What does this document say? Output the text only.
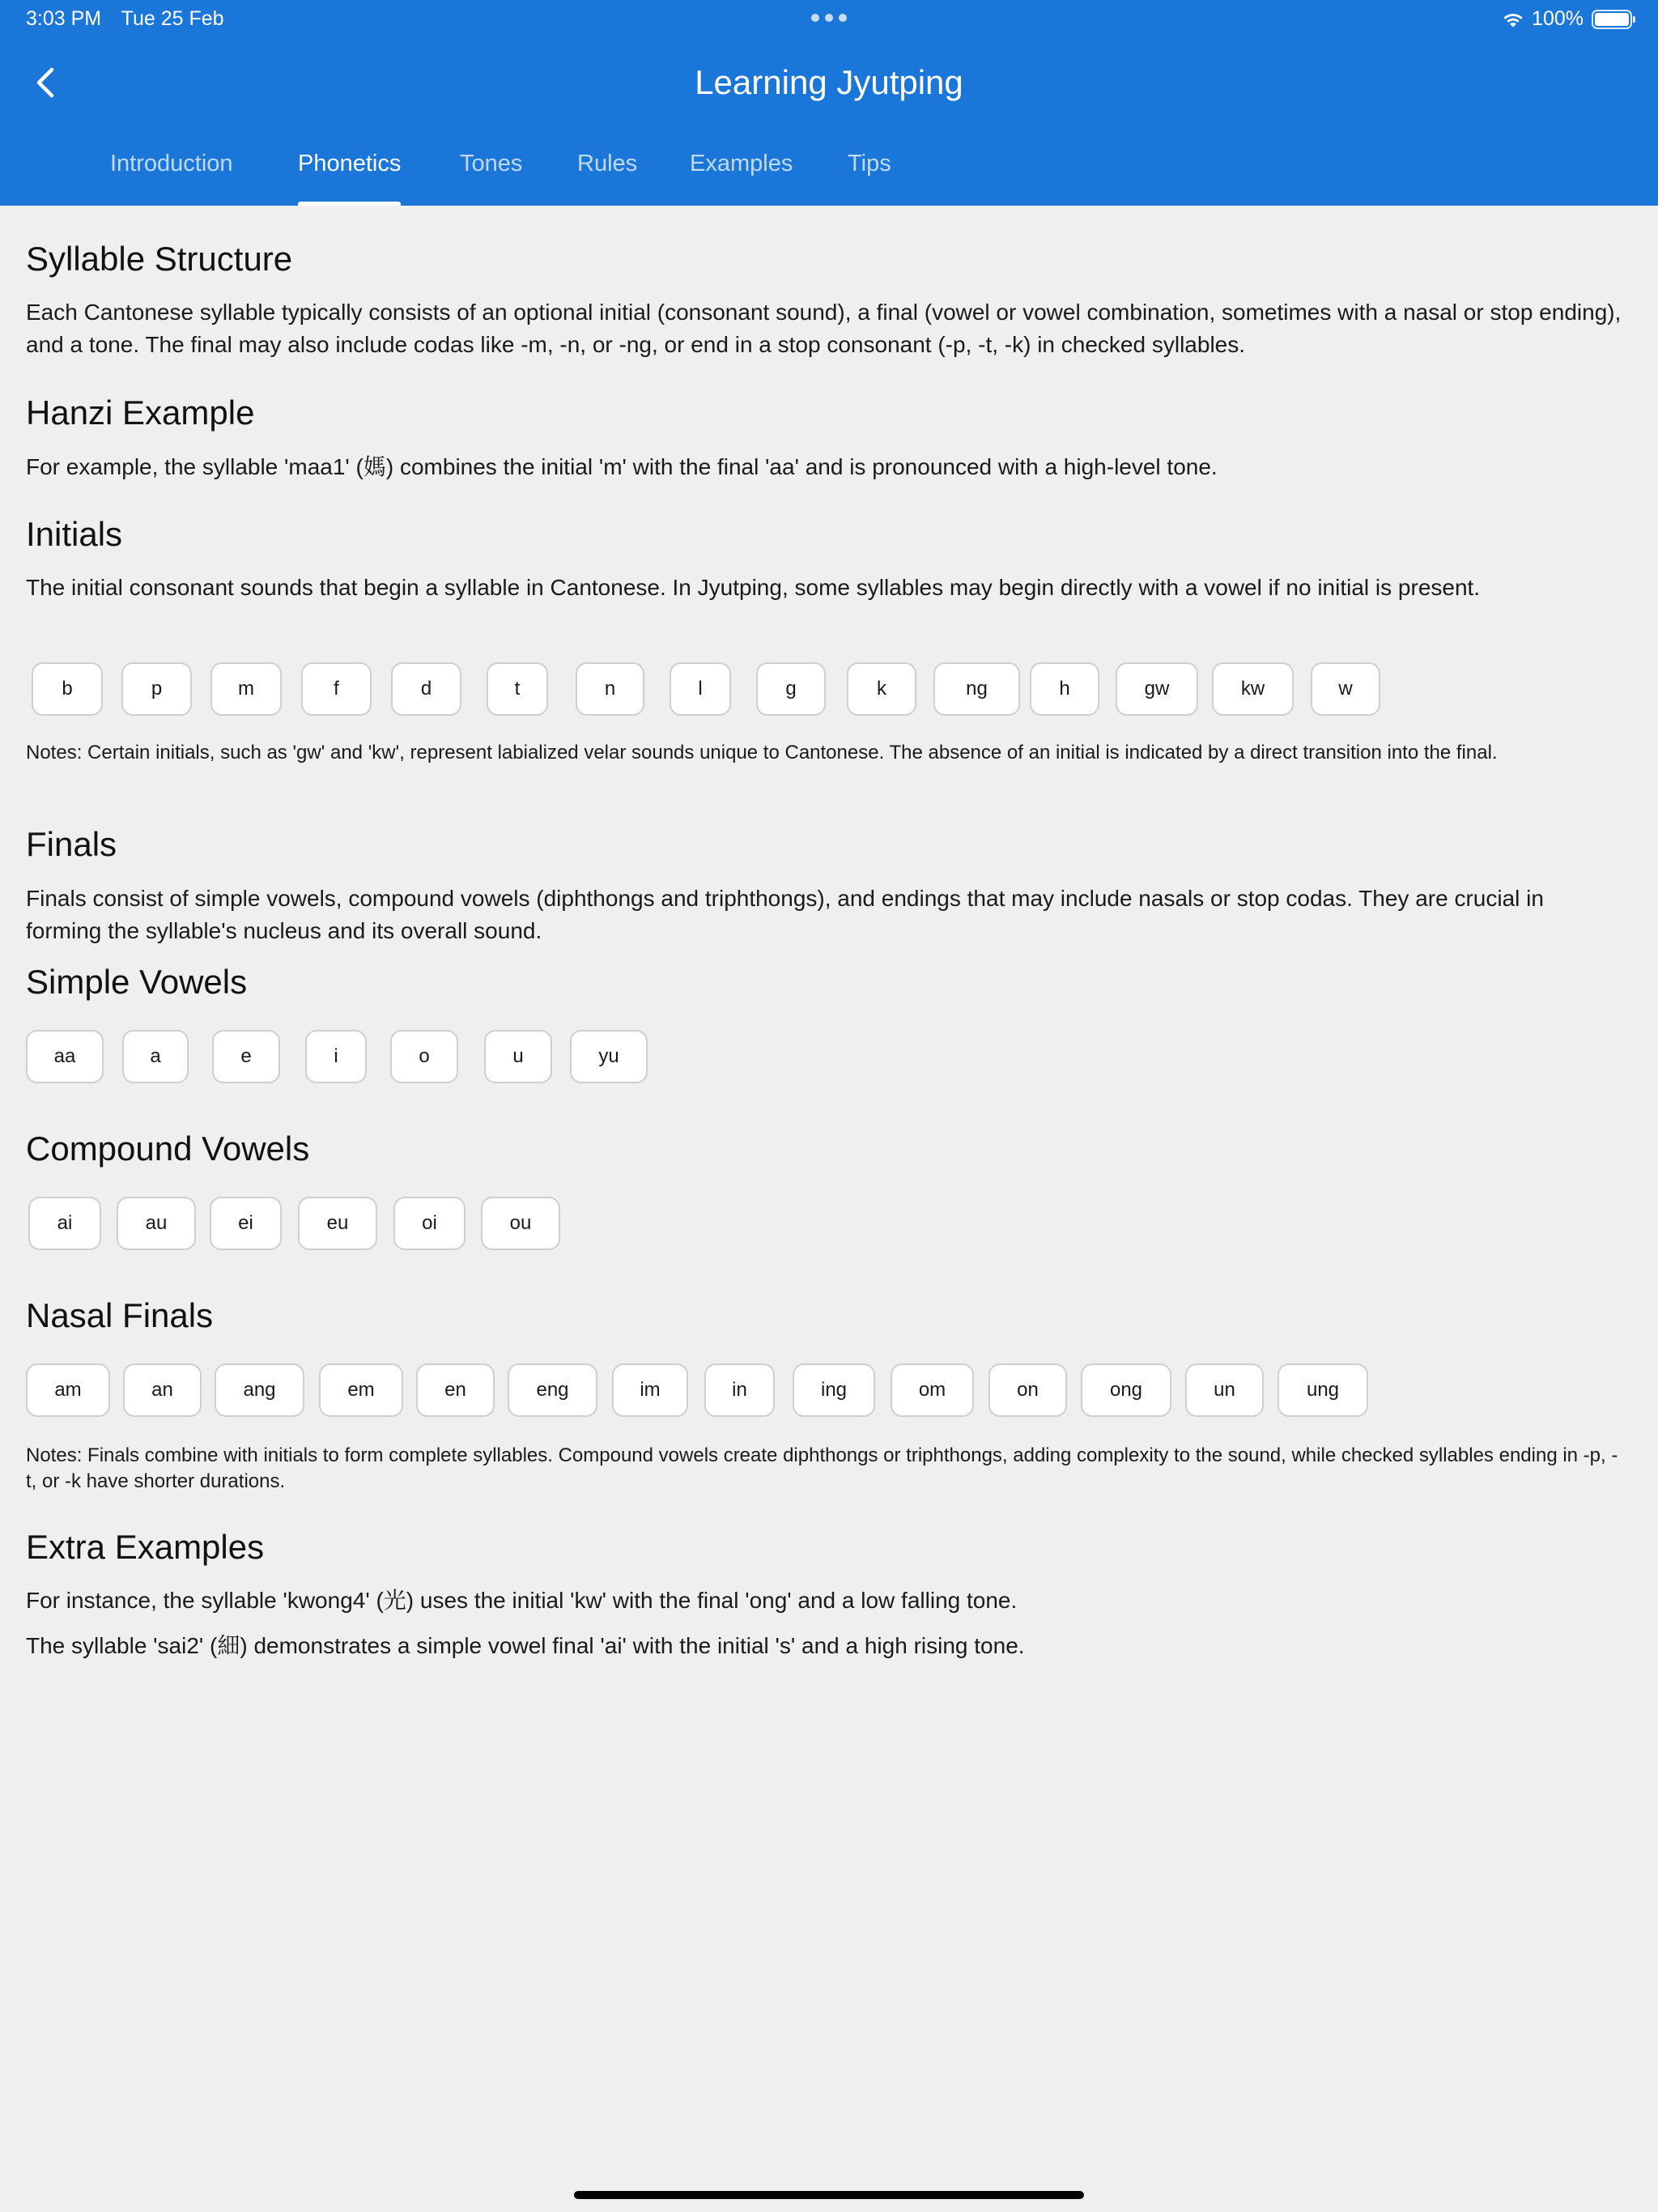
3:03 PM Tue 25 Feb	100%
Learning Jyutping
Introduction	Phonetics	Tones Rules Examples Tips
Syllable Structure
Each Cantonese syllable typically consists of an optional initial (consonant sound), a final (vowel or vowel combination, sometimes with a nasal or stop ending), and a tone. The final may also include codas like -m, -n, or -ng, or end in a stop consonant (-p, -t, -k) in checked syllables.
Hanzi Example
For example, the syllable 'maa1' (媽) combines the initial 'm' with the final 'aa' and is pronounced with a high-level tone.
Initials
The initial consonant sounds that begin a syllable in Cantonese. In Jyutping, some syllables may begin directly with a vowel if no initial is present.
b	p	m	f	d	t	n	l	g	k	ng	h	gw	kw	w
Notes: Certain initials, such as 'gw' and 'kw', represent labialized velar sounds unique to Cantonese. The absence of an initial is indicated by a direct transition into the final.
Finals
Finals consist of simple vowels, compound vowels (diphthongs and triphthongs), and endings that may include nasals or stop codas. They are crucial in forming the syllable's nucleus and its overall sound.
Simple Vowels
aa	a	e	i	o	u	yu
Compound Vowels
ai	au	ei	eu	oi	ou
Nasal Finals
am	an	ang	em	en	eng	im	in	ing	om	on	ong	un	ung
Notes: Finals combine with initials to form complete syllables. Compound vowels create diphthongs or triphthongs, adding complexity to the sound, while checked syllables ending in -p, -t, or -k have shorter durations.
Extra Examples
For instance, the syllable 'kwong4' (光) uses the initial 'kw' with the final 'ong' and a low falling tone.
The syllable 'sai2' (細) demonstrates a simple vowel final 'ai' with the initial 's' and a high rising tone.
